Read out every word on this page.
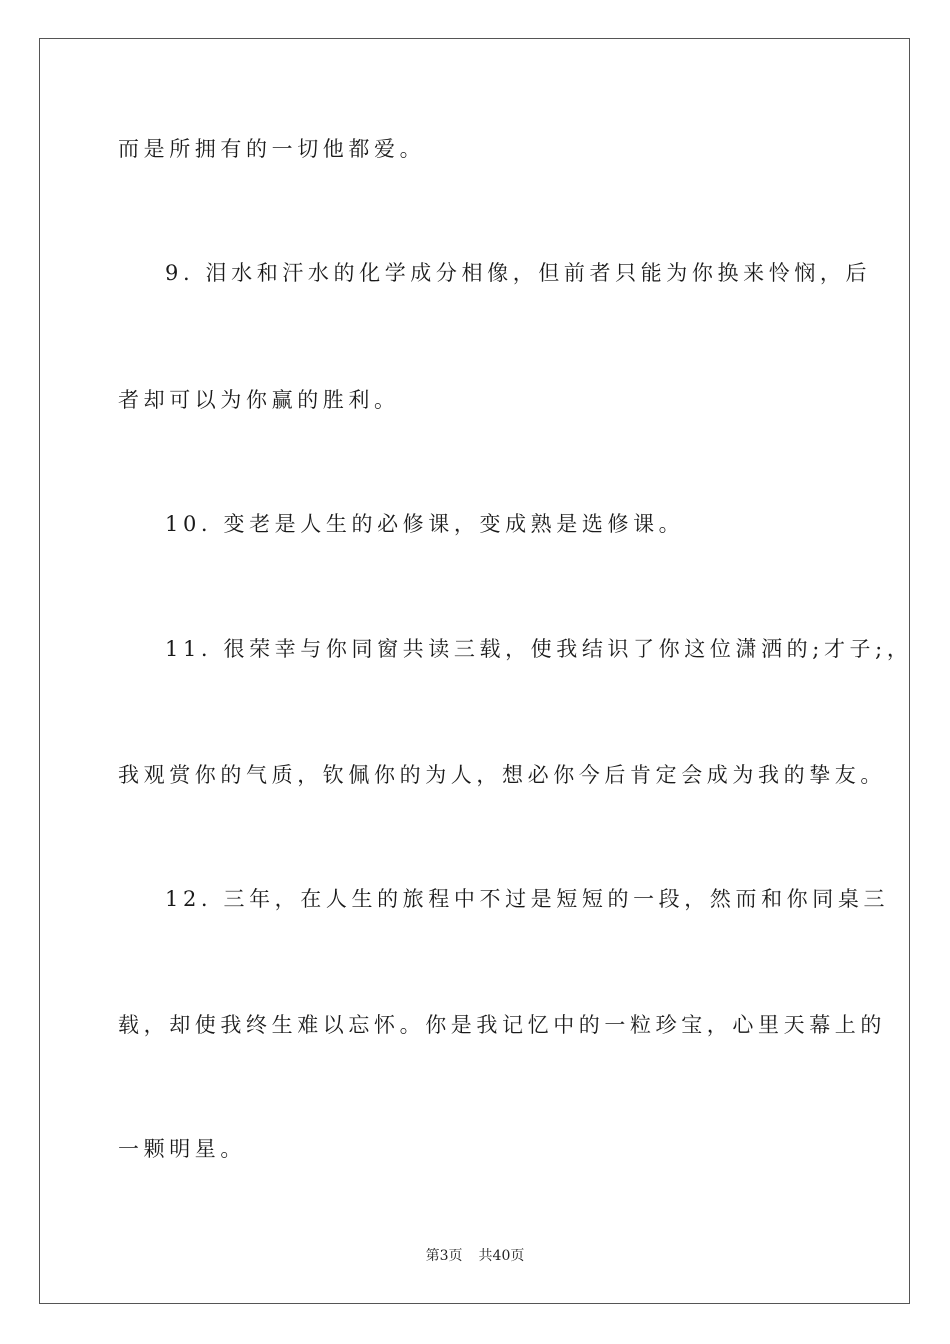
而是所拥有的一切他都爱。

9. 泪水和汗水的化学成分相像，但前者只能为你换来怜悯，后

者却可以为你赢的胜利。

10. 变老是人生的必修课，变成熟是选修课。

11. 很荣幸与你同窗共读三载，使我结识了你这位潇洒的;才子;，

我观赏你的气质，钦佩你的为人，想必你今后肯定会成为我的挚友。

12. 三年，在人生的旅程中不过是短短的一段，然而和你同桌三

载，却使我终生难以忘怀。你是我记忆中的一粒珍宝，心里天幕上的

一颗明星。

第3页 共40页
